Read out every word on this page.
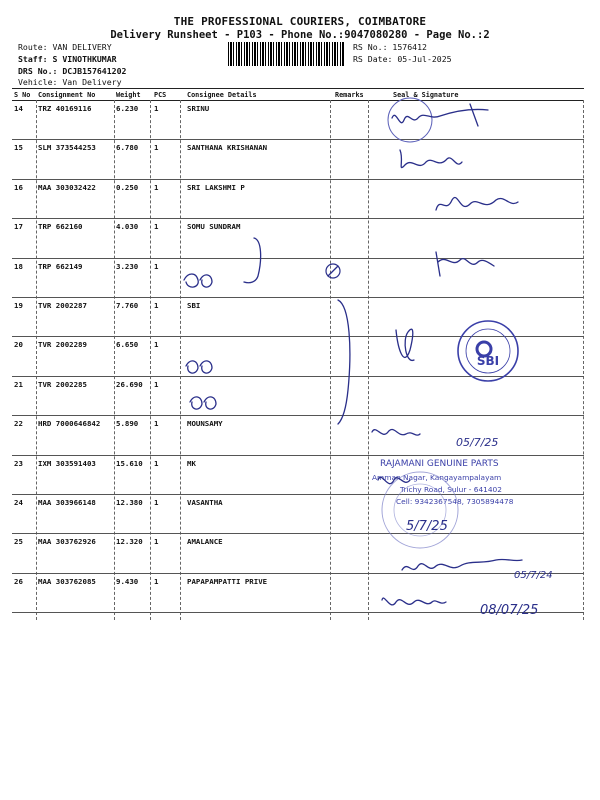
THE PROFESSIONAL COURIERS, COIMBATORE
Delivery Runsheet - P103 - Phone No.:9047080280 - Page No.:2
Route: VAN DELIVERY
Staff: S VINOTHKUMAR
DRS No.: DCJB157641202
Vehicle: Van Delivery
RS No.: 1576412
RS Date: 05-Jul-2025
S No Consignment No	Weight PCS	Consignee Details	Remarks	Seal & Signature
14 TRZ 40169116	6.230 1	SRINU
15 SLM 373544253	6.780 1	SANTHANA KRISHANAN
16 MAA 303032422	0.250 1	SRI LAKSHMI P
17 TRP 662160	4.030 1	SOMU SUNDRAM
18 TRP 662149	3.230 1
19 TVR 2002287	7.760 1	SBI
20 TVR 2002289	6.650 1
21 TVR 2002285	26.690 1
22 HRD 7000646842 5.890 1	MOUNSAMY
23 IXM 303591403	15.610 1	MK
24 MAA 303966148	12.380 1	VASANTHA
25 MAA 303762926	12.320 1	AMALANCE
26 MAA 303762085	9.430 1	PAPAPAMPATTI PRIVE
SBI
05/7/25
RAJAMANI GENUINE PARTS
Amman Nagar, Kangayampalayam
Trichy Road, Sulur - 641402
Cell: 9342367548, 7305894478
5/7/25
05/7/24
08/07/25
